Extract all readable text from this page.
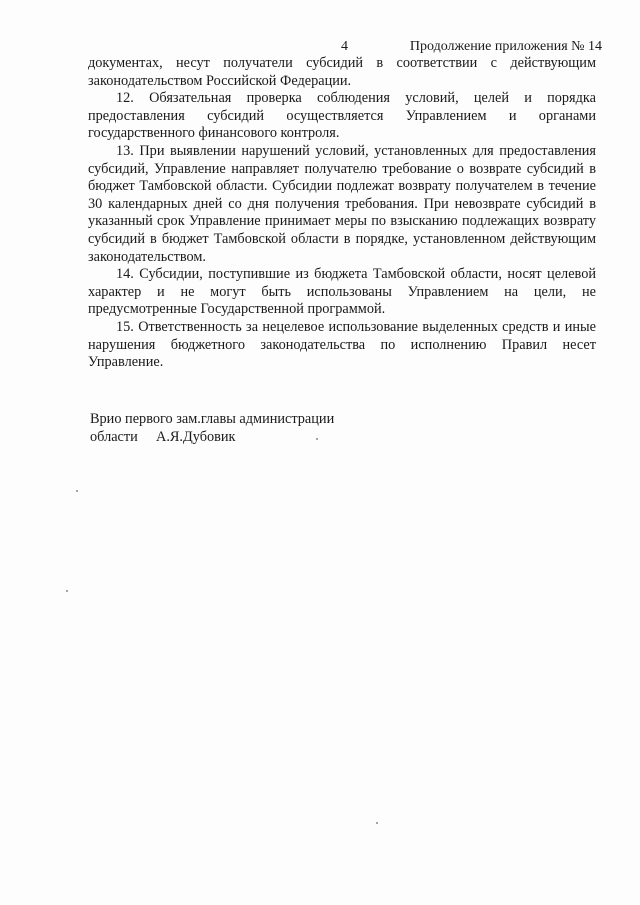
4	Продолжение приложения № 14

документах, несут получатели субсидий в соответствии с действующим законодательством Российской Федерации.

12. Обязательная проверка соблюдения условий, целей и порядка предоставления субсидий осуществляется Управлением и органами государственного финансового контроля.

13. При выявлении нарушений условий, установленных для предоставления субсидий, Управление направляет получателю требование о возврате субсидий в бюджет Тамбовской области. Субсидии подлежат возврату получателем в течение 30 календарных дней со дня получения требования. При невозврате субсидий в указанный срок Управление принимает меры по взысканию подлежащих возврату субсидий в бюджет Тамбовской области в порядке, установленном действующим законодательством.

14. Субсидии, поступившие из бюджета Тамбовской области, носят целевой характер и не могут быть использованы Управлением на цели, не предусмотренные Государственной программой.

15. Ответственность за нецелевое использование выделенных средств и иные нарушения бюджетного законодательства по исполнению Правил несет Управление.

Врио первого зам.главы администрации
области	А.Я.Дубовик
